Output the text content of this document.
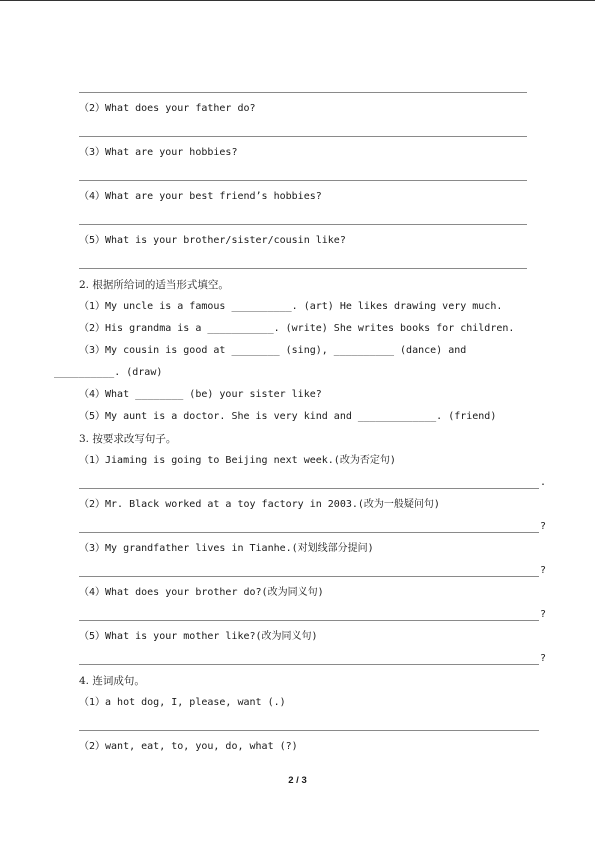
（2）What does your father do?
（3）What are your hobbies?
（4）What are your best friend’s hobbies?
（5）What is your brother/sister/cousin like?
2. 根据所给词的适当形式填空。
（1）My uncle is a famous __________. (art) He likes drawing very much.
（2）His grandma is a ___________. (write) She writes books for children.
（3）My cousin is good at ________ (sing), __________ (dance) and
__________. (draw)
（4）What ________ (be) your sister like?
（5）My aunt is a doctor. She is very kind and _____________. (friend)
3. 按要求改写句子。
（1）Jiaming is going to Beijing next week.(改为否定句)
.
（2）Mr. Black worked at a toy factory in 2003.(改为一般疑问句)
?
（3）My grandfather lives in Tianhe.(对划线部分提问)
?
（4）What does your brother do?(改为同义句)
?
（5）What is your mother like?(改为同义句)
?
4. 连词成句。
（1）a hot dog, I, please, want (.)
（2）want, eat, to, you, do, what (?)
2 / 3
